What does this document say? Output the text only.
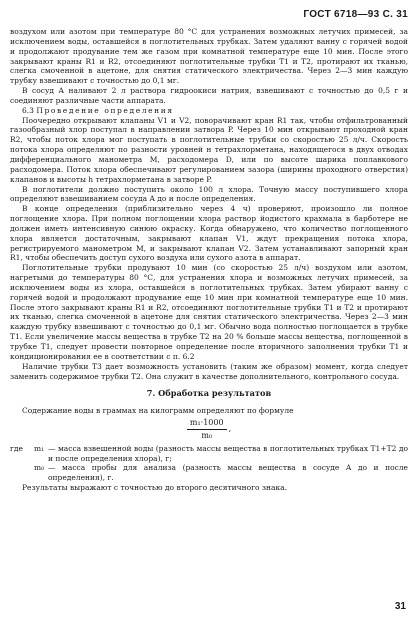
ГОСТ 6718—93 С. 31

воздухом или азотом при температуре 80 °С для устранения возможных летучих примесей, за исключением воды, оставшейся в поглотительных трубках. Затем удаляют ванну с горячей водой и продолжают продувание тем же газом при комнатной температуре еще 10 мин. После этого закрывают краны R1 и R2, отсоединяют поглотительные трубки T1 и T2, протирают их тканью, слегка смоченной в ацетоне, для снятия статического электричества. Через 2—3 мин каждую трубку взвешивают с точностью до 0,1 мг.

В сосуд A наливают 2 л раствора гидроокиси натрия, взвешивают с точностью до 0,5 г и соединяют различные части аппарата.

6.3 Проведение определения

Поочередно открывают клапаны V1 и V2, поворачивают кран R1 так, чтобы отфильтрованный газообразный хлор поступал в направлении затвора P. Через 10 мин открывают проходной кран R2, чтобы поток хлора мог поступать в поглотительные трубки со скоростью 25 л/ч. Скорость потока хлора определяют по разности уровней н тетрахлорметана, находящегося в двух отводах дифференциального манометра M, расходомера D, или по высоте шарика поплавкового расходомера. Поток хлора обеспечивают регулированием зазора (ширины проходного отверстия) клапанов и высоты h тетрахлорметана в затворе P.

В поглотители должно поступить около 100 л хлора. Точную массу поступившего хлора определяют взвешиванием сосуда A до и после определения.

В конце определения (приблизительно через 4 ч) проверяют, произошло ли полное поглощение хлора. При полном поглощении хлора раствор йодистого крахмала в барботере не должен иметь интенсивную синюю окраску. Когда обнаружено, что количество поглощенного хлора является достаточным, закрывают клапан V1, ждут прекращения потока хлора, регистрируемого манометром M, и закрывают клапан V2. Затем устанавливают запорный кран R1, чтобы обеспечить доступ сухого воздуха или сухого азота в аппарат.

Поглотительные трубки продувают 10 мин (со скоростью 25 л/ч) воздухом или азотом, нагретыми до температуры 80 °С, для устранения хлора и возможных летучих примесей, за исключением воды из хлора, оставшейся в поглотительных трубках. Затем убирают ванну с горячей водой и продолжают продувание еще 10 мин при комнатной температуре еще 10 мин. После этого закрывают краны R1 и R2, отсоединяют поглотительные трубки T1 и T2 и протирают их тканью, слегка смоченной в ацетоне для снятия статического электричества. Через 2—3 мин каждую трубку взвешивают с точностью до 0,1 мг. Обычно вода полностью поглощается в трубке T1. Если увеличение массы вещества в трубке T2 на 20 % больше массы вещества, поглощенной в трубке T1, следует провести повторное определение после вторичного заполнения трубки T1 и кондиционирования ее в соответствии с п. 6.2

Наличие трубки T3 дает возможность установить (таким же образом) момент, когда следует заменить содержимое трубки T2. Она служит в качестве дополнительного, контрольного сосуда.

7. Обработка результатов

Содержание воды в граммах на килограмм определяют по формуле

$\frac{\text{m₁·1000}}{\text{m₀}}$ ,
где	m₁ — масса взвешенной воды (разность массы вещества в поглотительных трубках T1+T2 до и после определения хлора), г;
m₀ — масса пробы для анализа (разность массы вещества в сосуде A до и после определения), г.

Результаты выражают с точностью до второго десятичного знака.

31
